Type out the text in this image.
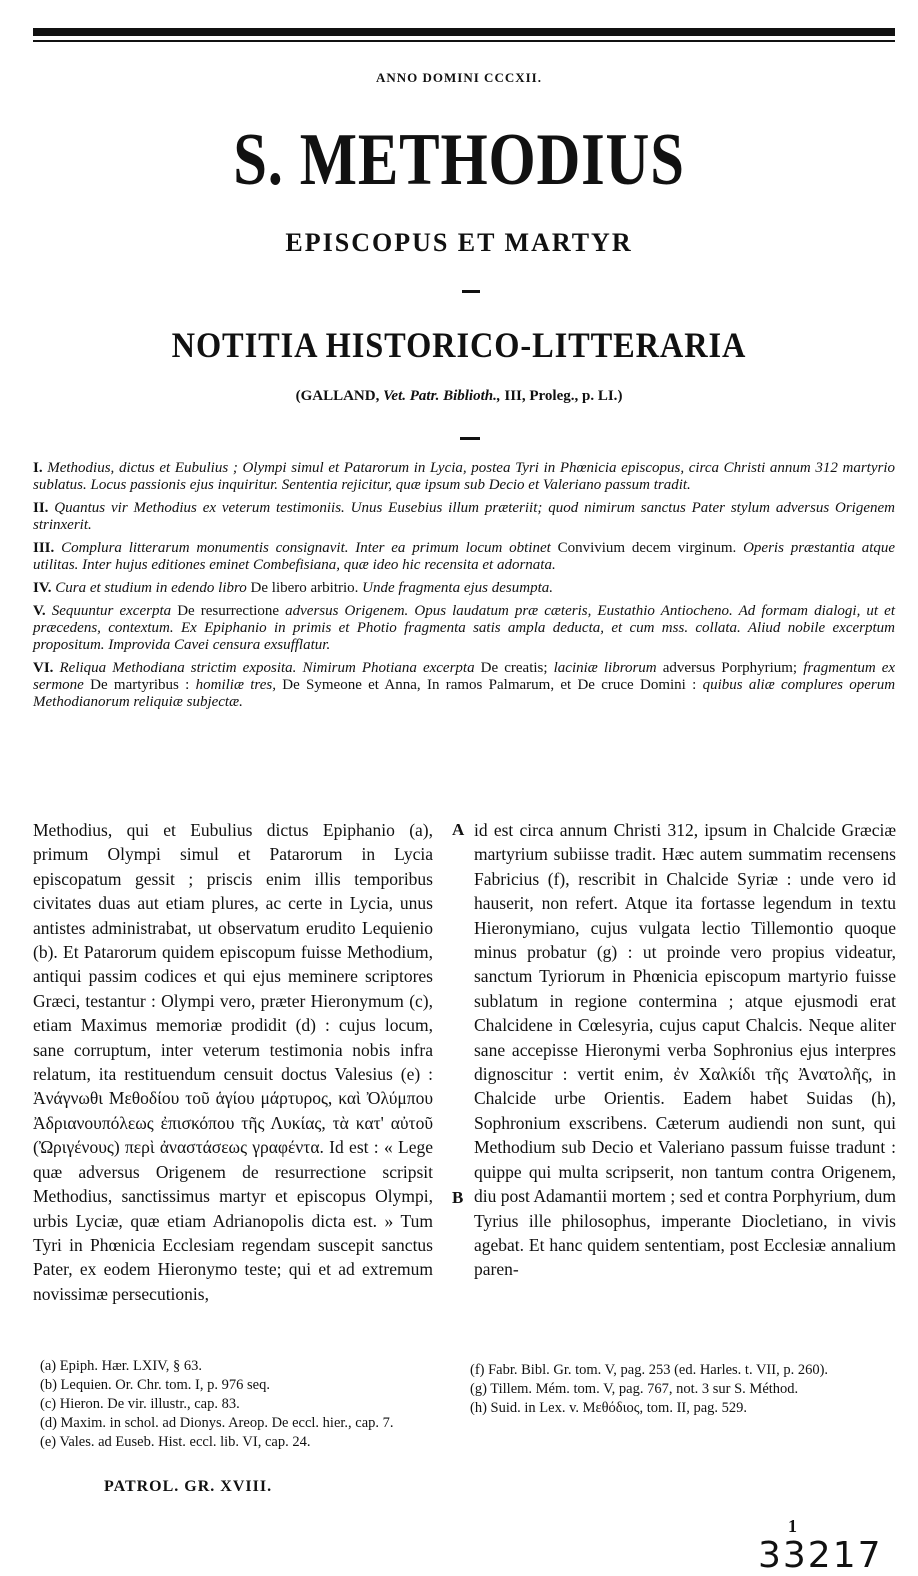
ANNO DOMINI CCCXII.
S. METHODIUS
EPISCOPUS ET MARTYR
NOTITIA HISTORICO-LITTERARIA
(GALLAND, Vet. Patr. Biblioth., III, Proleg., p. LI.)

I. Methodius, dictus et Eubulius ; Olympi simul et Patarorum in Lycia, postea Tyri in Phœnicia episcopus, circa Christi annum 312 martyrio sublatus. Locus passionis ejus inquiritur. Sententia rejicitur, quæ ipsum sub Decio et Valeriano passum tradit.

II. Quantus vir Methodius ex veterum testimoniis. Unus Eusebius illum præteriit; quod nimirum sanctus Pater stylum adversus Origenem strinxerit.

III. Complura litterarum monumentis consignavit. Inter ea primum locum obtinet Convivium decem virginum. Operis præstantia atque utilitas. Inter hujus editiones eminet Combefisiana, quæ ideo hic recensita et adornata.

IV. Cura et studium in edendo libro De libero arbitrio. Unde fragmenta ejus desumpta.

V. Sequuntur excerpta De resurrectione adversus Origenem. Opus laudatum præ cæteris, Eustathio Antiocheno. Ad formam dialogi, ut et præcedens, contextum. Ex Epiphanio in primis et Photio fragmenta satis ampla deducta, et cum mss. collata. Aliud nobile excerptum propositum. Improvida Cavei censura exsufflatur.

VI. Reliqua Methodiana strictim exposita. Nimirum Photiana excerpta De creatis; laciniæ librorum adversus Porphyrium; fragmentum ex sermone De martyribus : homiliæ tres, De Symeone et Anna, In ramos Palmarum, et De cruce Domini : quibus aliæ complures operum Methodianorum reliquiæ subjectæ.

Methodius, qui et Eubulius dictus Epiphanio (a), primum Olympi simul et Patarorum in Lycia episcopatum gessit ; priscis enim illis temporibus civitates duas aut etiam plures, ac certe in Lycia, unus antistes administrabat, ut observatum erudito Lequienio (b). Et Patarorum quidem episcopum fuisse Methodium, antiqui passim codices et qui ejus meminere scriptores Græci, testantur : Olympi vero, præter Hieronymum (c), etiam Maximus memoriæ prodidit (d) : cujus locum, sane corruptum, inter veterum testimonia nobis infra relatum, ita restituendum censuit doctus Valesius (e) : Ἀνάγνωθι Μεθοδίου τοῦ ἁγίου μάρτυρος, καὶ Ὀλύμπου Ἀδριανουπόλεως ἐπισκόπου τῆς Λυκίας, τὰ κατ' αὐτοῦ (Ὠριγένους) περὶ ἀναστάσεως γραφέντα. Id est : « Lege quæ adversus Origenem de resurrectione scripsit Methodius, sanctissimus martyr et episcopus Olympi, urbis Lyciæ, quæ etiam Adrianopolis dicta est. » Tum Tyri in Phœnicia Ecclesiam regendam suscepit sanctus Pater, ex eodem Hieronymo teste; qui et ad extremum novissimæ persecutionis,

A
B

id est circa annum Christi 312, ipsum in Chalcide Græciæ martyrium subiisse tradit. Hæc autem summatim recensens Fabricius (f), rescribit in Chalcide Syriæ : unde vero id hauserit, non refert. Atque ita fortasse legendum in textu Hieronymiano, cujus vulgata lectio Tillemontio quoque minus probatur (g) : ut proinde vero propius videatur, sanctum Tyriorum in Phœnicia episcopum martyrio fuisse sublatum in regione contermina ; atque ejusmodi erat Chalcidene in Cœlesyria, cujus caput Chalcis. Neque aliter sane accepisse Hieronymi verba Sophronius ejus interpres dignoscitur : vertit enim, ἐν Χαλκίδι τῆς Ἀνατολῆς, in Chalcide urbe Orientis. Eadem habet Suidas (h), Sophronium exscribens. Cæterum audiendi non sunt, qui Methodium sub Decio et Valeriano passum fuisse tradunt : quippe qui multa scripserit, non tantum contra Origenem, diu post Adamantii mortem ; sed et contra Porphyrium, dum Tyrius ille philosophus, imperante Diocletiano, in vivis agebat. Et hanc quidem sententiam, post Ecclesiæ annalium paren-

(a) Epiph. Hær. LXIV, § 63.

(b) Lequien. Or. Chr. tom. I, p. 976 seq.

(c) Hieron. De vir. illustr., cap. 83.

(d) Maxim. in schol. ad Dionys. Areop. De eccl. hier., cap. 7.

(e) Vales. ad Euseb. Hist. eccl. lib. VI, cap. 24.

(f) Fabr. Bibl. Gr. tom. V, pag. 253 (ed. Harles. t. VII, p. 260).

(g) Tillem. Mém. tom. V, pag. 767, not. 3 sur S. Méthod.

(h) Suid. in Lex. v. Μεθόδιος, tom. II, pag. 529.

PATROL. GR. XVIII.
1
33217
